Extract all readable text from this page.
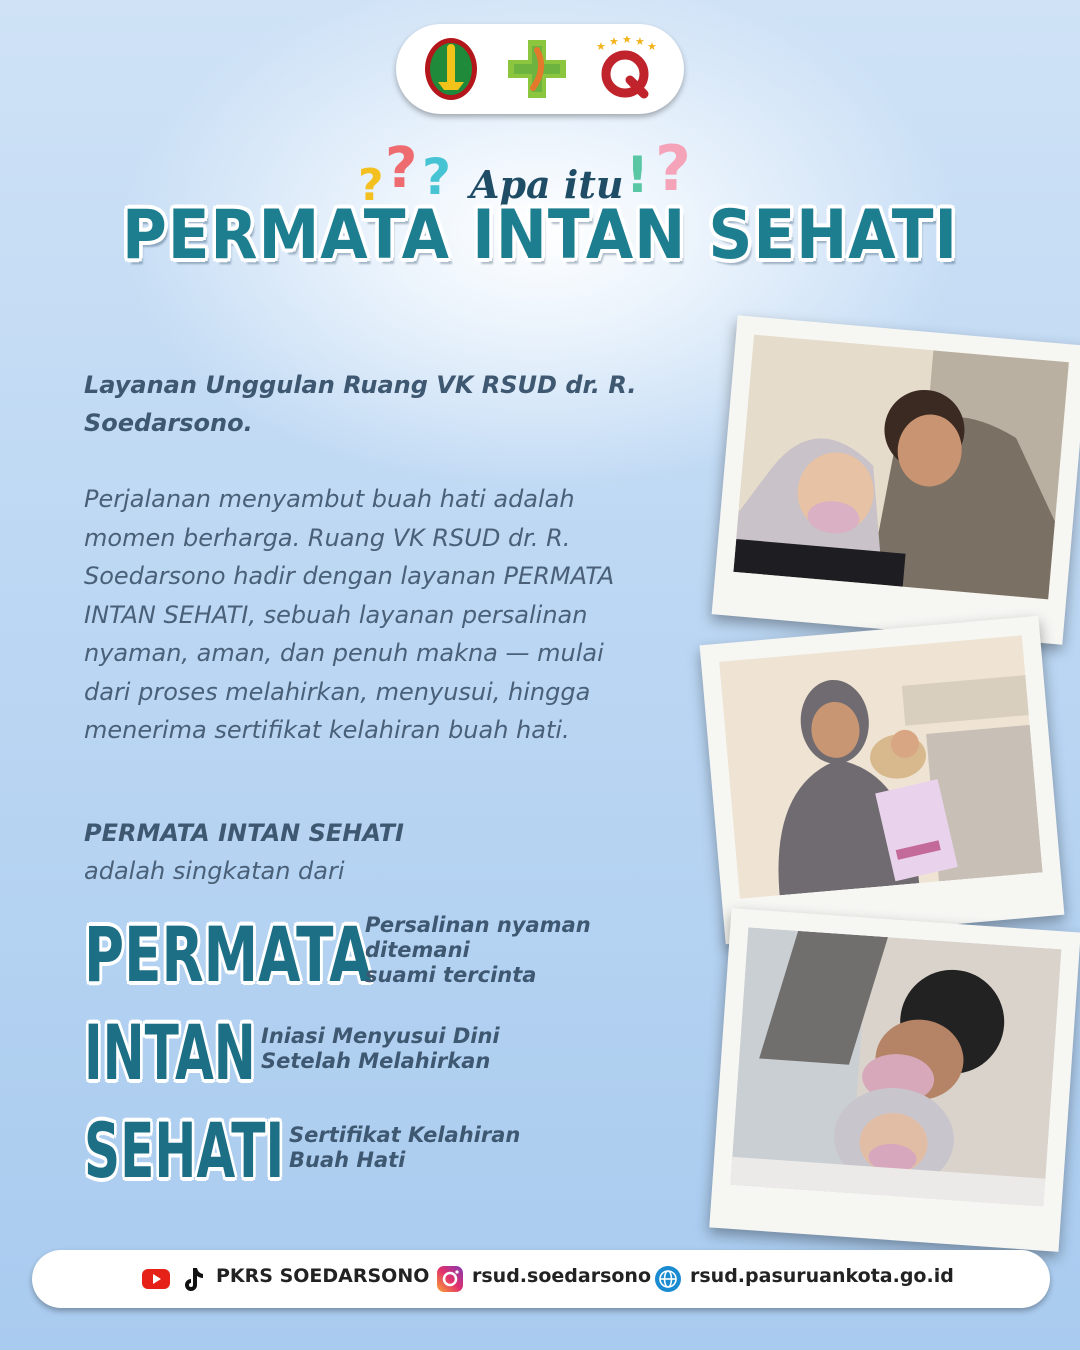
★ ★ ★ ★ ★
? ? ?	! ?
Apa itu
PERMATA INTAN SEHATI
Layanan Unggulan Ruang VK RSUD dr. R. Soedarsono.
Perjalanan menyambut buah hati adalah momen berharga. Ruang VK RSUD dr. R. Soedarsono hadir dengan layanan PERMATA INTAN SEHATI, sebuah layanan persalinan nyaman, aman, dan penuh makna — mulai dari proses melahirkan, menyusui, hingga menerima sertifikat kelahiran buah hati.
PERMATA INTAN SEHATI
adalah singkatan dari
PERMATA
Persalinan nyaman
ditemani
suami tercinta
INTAN Iniasi Menyusui Dini
Setelah Melahirkan
SEHATI Sertifikat Kelahiran
Buah Hati
PKRS SOEDARSONO rsud.soedarsono rsud.pasuruankota.go.id
